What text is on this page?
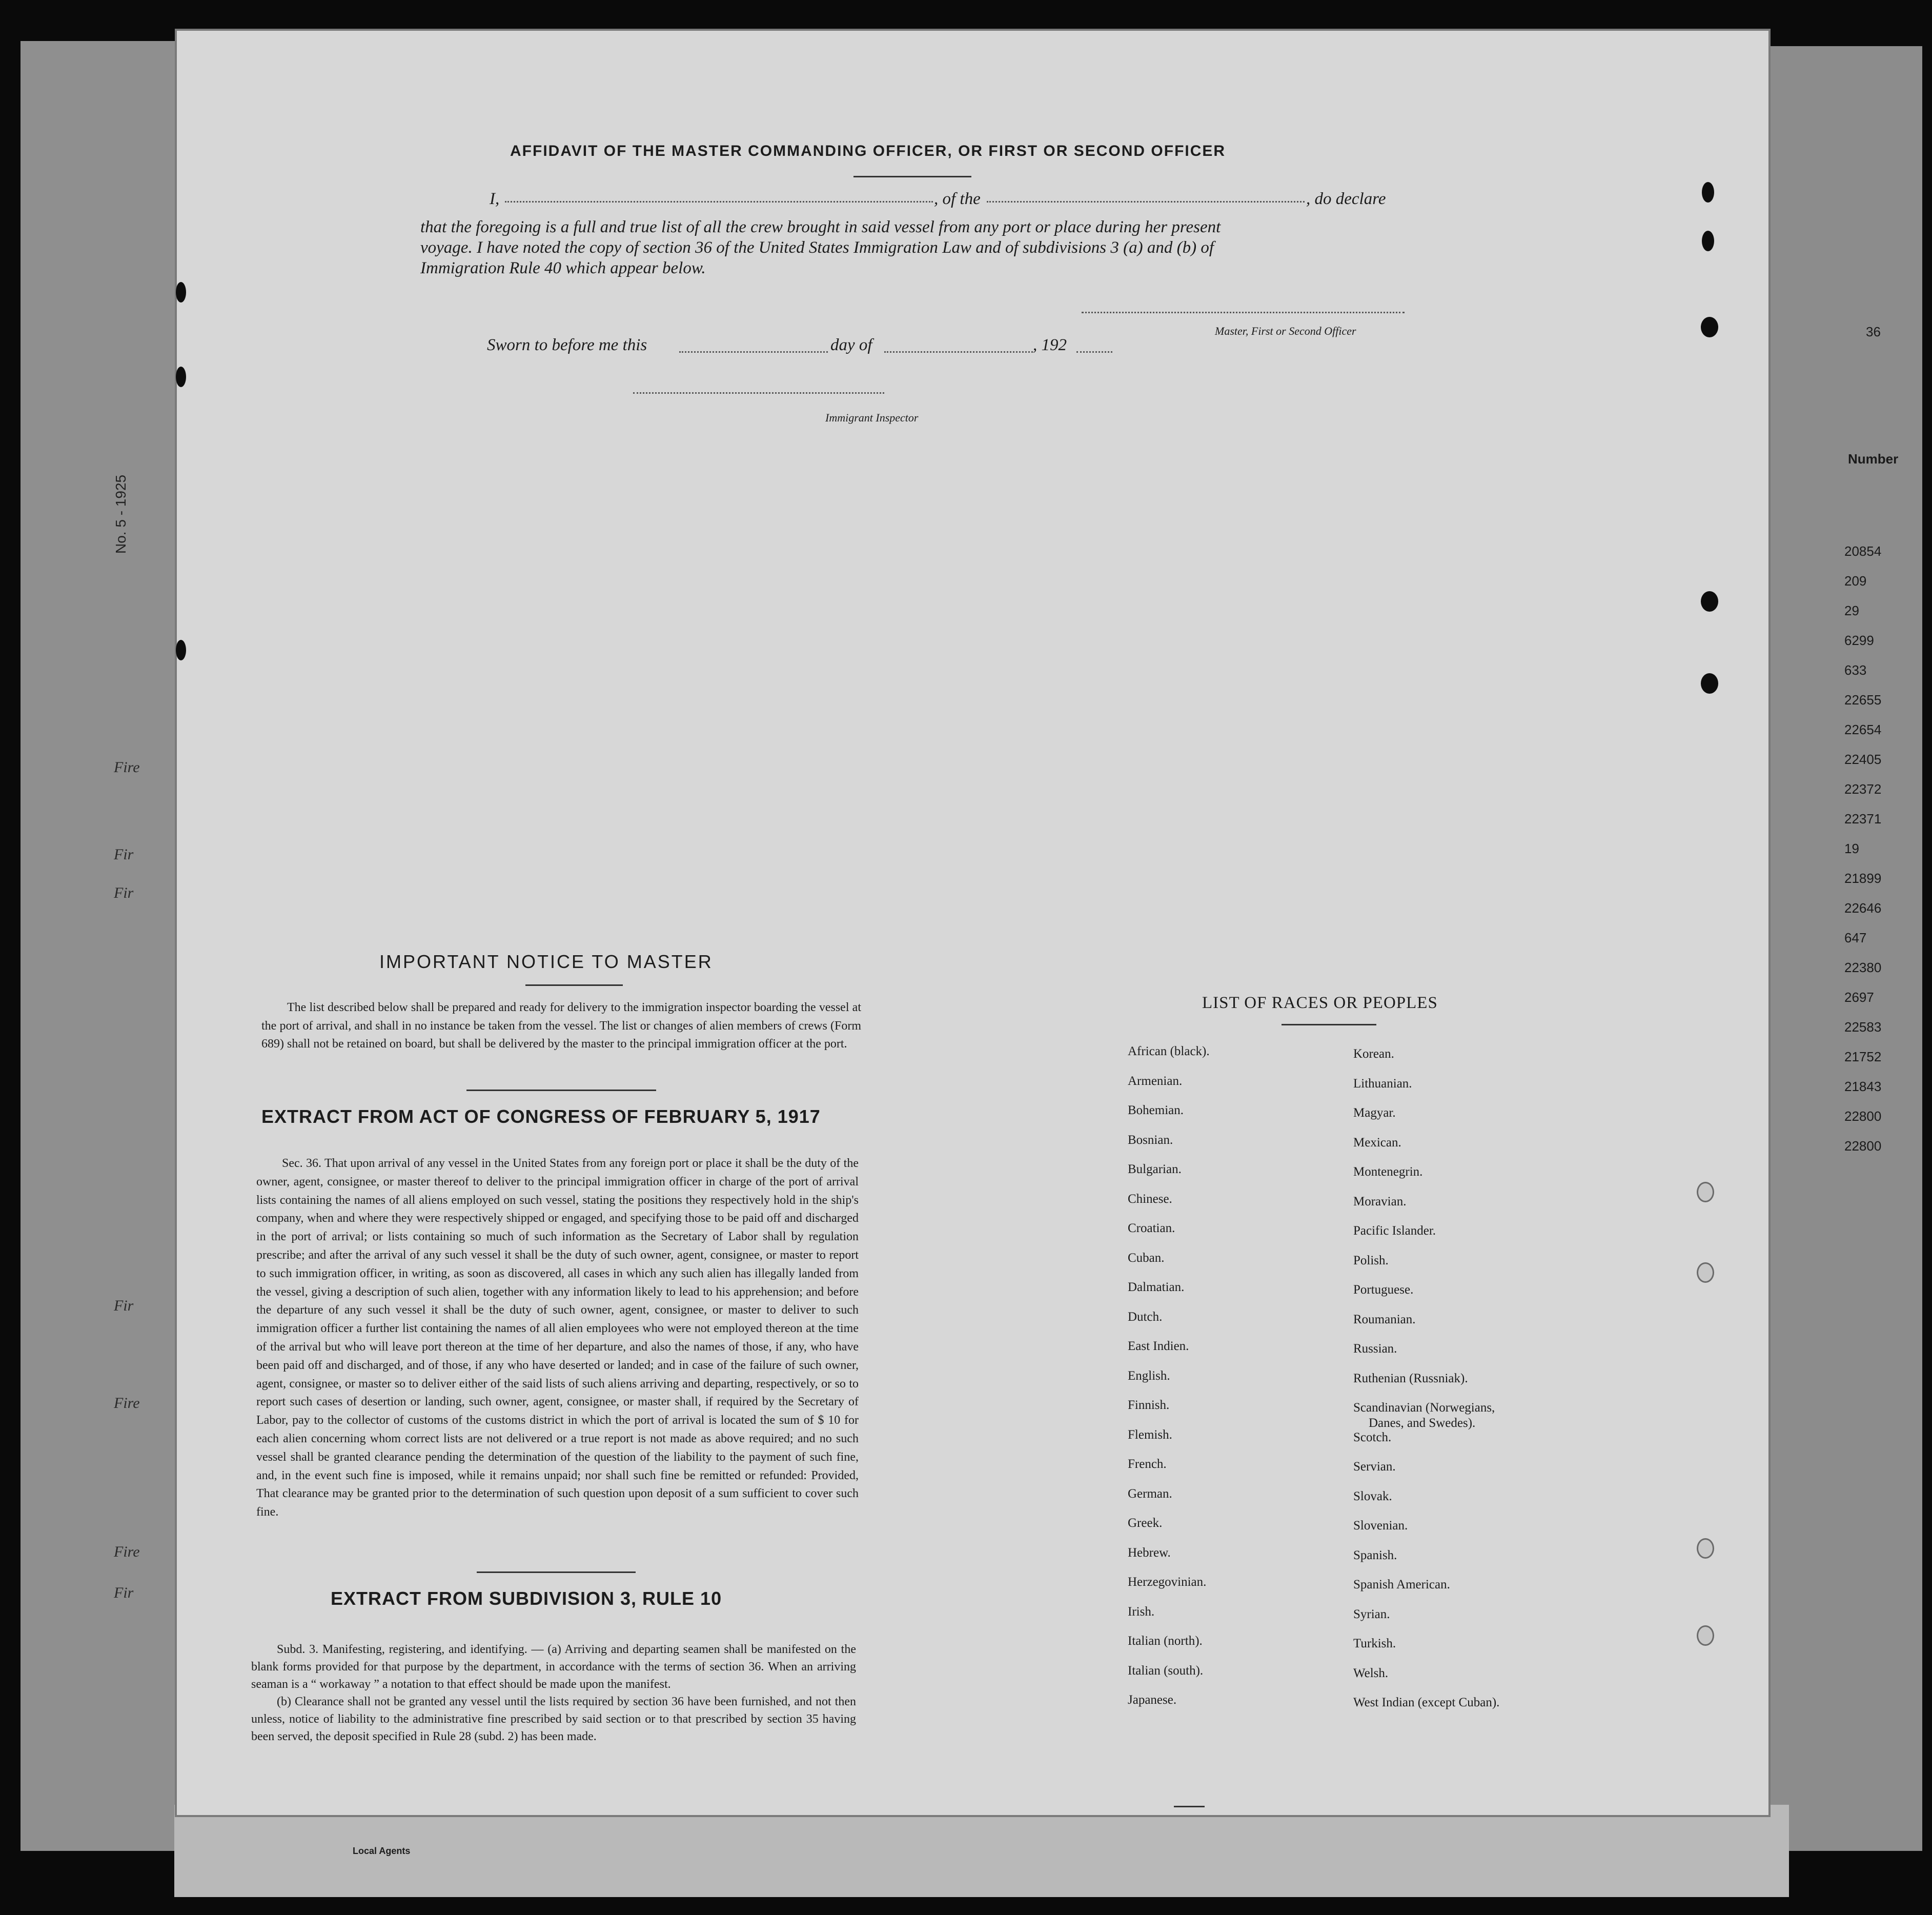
No. 5 - 1925
Fire
Fir
Fir
Fir
Fire
Fire
Fir
36
Number
20854
209
29
6299
633
22655
22654
22405
22372
22371
19
21899
22646
647
22380
2697
22583
21752
21843
22800
22800
AFFIDAVIT OF THE MASTER COMMANDING OFFICER, OR FIRST OR SECOND OFFICER
I,	, of the	, do declare
that the foregoing is a full and true list of all the crew brought in said vessel from any port or place during her present
voyage. I have noted the copy of section 36 of the United States Immigration Law and of subdivisions 3 (a) and (b) of
Immigration Rule 40 which appear below.
Master, First or Second Officer
Sworn to before me this	day of	, 192
Immigrant Inspector
IMPORTANT NOTICE TO MASTER

The list described below shall be prepared and ready for delivery to the immigration inspector boarding the vessel at the port of arrival, and shall in no instance be taken from the vessel. The list or changes of alien members of crews (Form 689) shall not be retained on board, but shall be delivered by the master to the principal immigration officer at the port.

EXTRACT FROM ACT OF CONGRESS OF FEBRUARY 5, 1917

Sec. 36. That upon arrival of any vessel in the United States from any foreign port or place it shall be the duty of the owner, agent, consignee, or master thereof to deliver to the principal immigration officer in charge of the port of arrival lists containing the names of all aliens employed on such vessel, stating the positions they respectively hold in the ship's company, when and where they were respectively shipped or engaged, and specifying those to be paid off and discharged in the port of arrival; or lists containing so much of such information as the Secretary of Labor shall by regulation prescribe; and after the arrival of any such vessel it shall be the duty of such owner, agent, consignee, or master to report to such immigration officer, in writing, as soon as discovered, all cases in which any such alien has illegally landed from the vessel, giving a description of such alien, together with any information likely to lead to his apprehension; and before the departure of any such vessel it shall be the duty of such owner, agent, consignee, or master to deliver to such immigration officer a further list containing the names of all alien employees who were not employed thereon at the time of the arrival but who will leave port thereon at the time of her departure, and also the names of those, if any, who have been paid off and discharged, and of those, if any who have deserted or landed; and in case of the failure of such owner, agent, consignee, or master so to deliver either of the said lists of such aliens arriving and departing, respectively, or so to report such cases of desertion or landing, such owner, agent, consignee, or master shall, if required by the Secretary of Labor, pay to the collector of customs of the customs district in which the port of arrival is located the sum of $ 10 for each alien concerning whom correct lists are not delivered or a true report is not made as above required; and no such vessel shall be granted clearance pending the determination of the question of the liability to the payment of such fine, and, in the event such fine is imposed, while it remains unpaid; nor shall such fine be remitted or refunded: Provided, That clearance may be granted prior to the determination of such question upon deposit of a sum sufficient to cover such fine.

EXTRACT FROM SUBDIVISION 3, RULE 10

Subd. 3. Manifesting, registering, and identifying. — (a) Arriving and departing seamen shall be manifested on the blank forms provided for that purpose by the department, in accordance with the terms of section 36. When an arriving seaman is a “ workaway ” a notation to that effect should be made upon the manifest.

(b) Clearance shall not be granted any vessel until the lists required by section 36 have been furnished, and not then unless, notice of liability to the administrative fine prescribed by said section or to that prescribed by section 35 having been served, the deposit specified in Rule 28 (subd. 2) has been made.

LIST OF RACES OR PEOPLES
African (black).
Armenian.
Bohemian.
Bosnian.
Bulgarian.
Chinese.
Croatian.
Cuban.
Dalmatian.
Dutch.
East Indien.
English.
Finnish.
Flemish.
French.
German.
Greek.
Hebrew.
Herzegovinian.
Irish.
Italian (north).
Italian (south).
Japanese.
Korean.
Lithuanian.
Magyar.
Mexican.
Montenegrin.
Moravian.
Pacific Islander.
Polish.
Portuguese.
Roumanian.
Russian.
Ruthenian (Russniak).
Scandinavian (Norwegians,
Danes, and Swedes).
Scotch.
Servian.
Slovak.
Slovenian.
Spanish.
Spanish American.
Syrian.
Turkish.
Welsh.
West Indian (except Cuban).
Local Agents
